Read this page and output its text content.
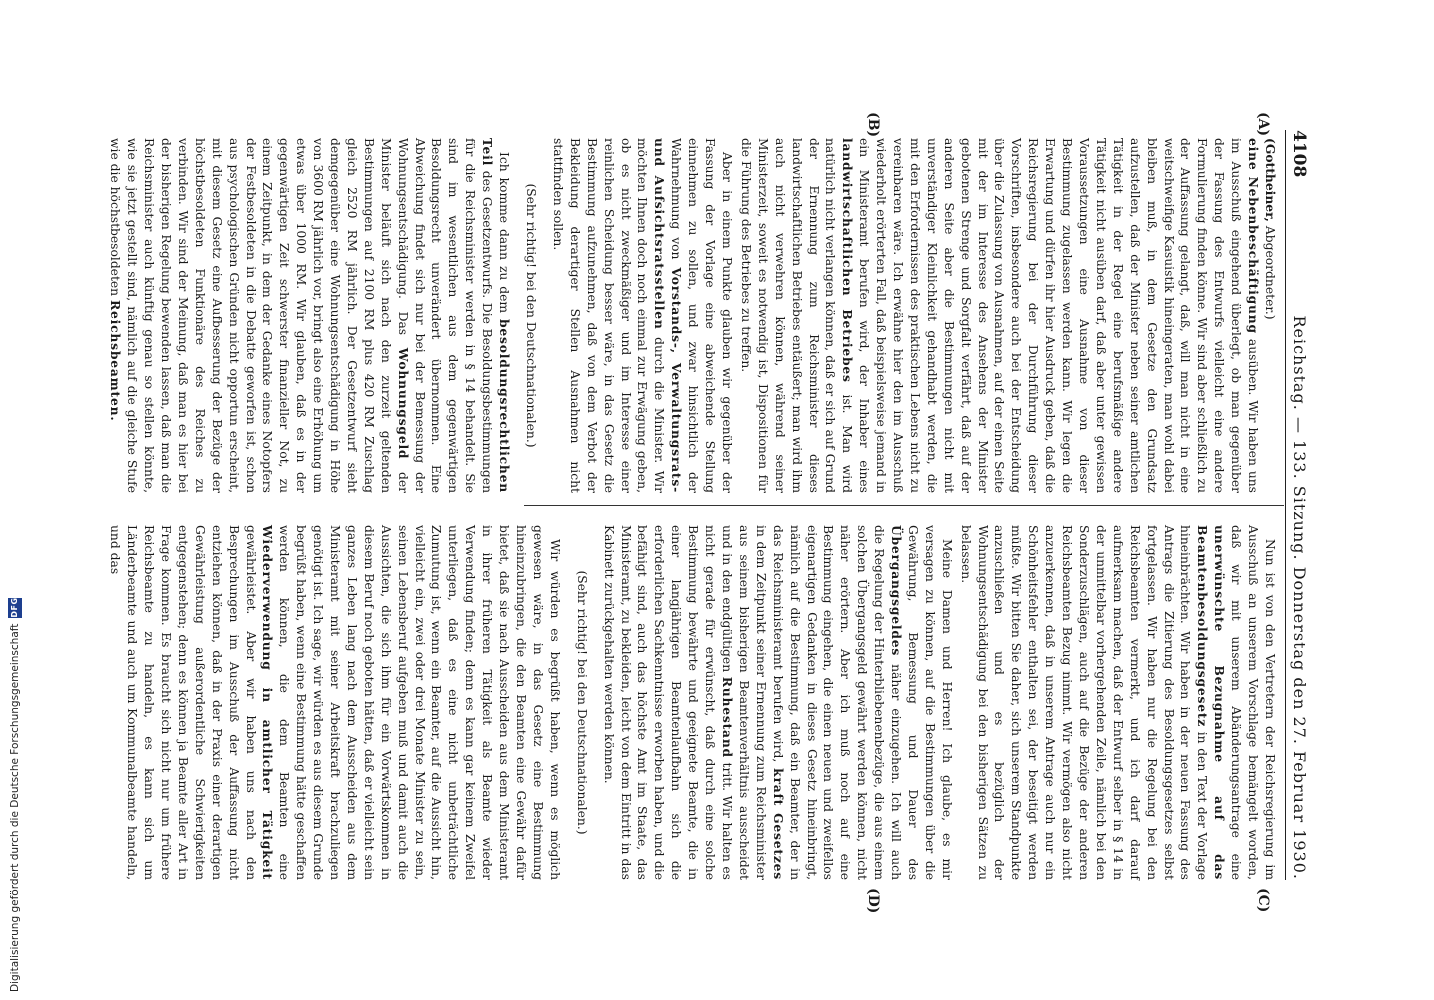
4108
Reichstag. — 133. Sitzung. Donnerstag den 27. Februar 1930.
(A)
(B)
(C)
(D)

(Gottheiner, Abgeordneter.)
eine Nebenbeschäftigung ausüben. Wir haben uns im Ausschuß eingehend überlegt, ob man gegenüber der Fassung des Entwurfs vielleicht eine andere Formulierung finden könne. Wir sind aber schließlich zu der Auffassung gelangt, daß, will man nicht in eine weitschweifige Kasuistik hineingeraten, man wohl dabei bleiben muß, in dem Gesetze den Grundsatz aufzustellen, daß der Minister neben seiner amtlichen Tätigkeit in der Regel eine berufsmäßige andere Tätigkeit nicht ausüben darf, daß aber unter gewissen Voraussetzungen eine Ausnahme von dieser Bestimmung zugelassen werden kann. Wir legen die Erwartung und dürfen ihr hier Ausdruck geben, daß die Reichsregierung bei der Durchführung dieser Vorschriften, insbesondere auch bei der Entscheidung über die Zulassung von Ausnahmen, auf der einen Seite mit der im Interesse des Ansehens der Minister gebotenen Strenge und Sorgfalt verfährt, daß auf der anderen Seite aber die Bestimmungen nicht mit unverständiger Kleinlichkeit gehandhabt werden, die mit den Erfordernissen des praktischen Lebens nicht zu vereinbaren wäre. Ich erwähne hier den im Ausschuß wiederholt erörterten Fall, daß beispielsweise jemand in ein Ministeramt berufen wird, der Inhaber eines landwirtschaftlichen Betriebes ist. Man wird natürlich nicht verlangen können, daß er sich auf Grund der Ernennung zum Reichsminister dieses landwirtschaftlichen Betriebes entäußert; man wird ihm auch nicht verwehren können, während seiner Ministerzeit, soweit es notwendig ist, Dispositionen für die Führung des Betriebes zu treffen.

Aber in einem Punkte glauben wir gegenüber der Fassung der Vorlage eine abweichende Stellung einnehmen zu sollen, und zwar hinsichtlich der Wahrnehmung von Vorstands-, Verwaltungsrats- und Aufsichtsratsstellen durch die Minister. Wir möchten Ihnen doch noch einmal zur Erwägung geben, ob es nicht zweckmäßiger und im Interesse einer reinlichen Scheidung besser wäre, in das Gesetz die Bestimmung aufzunehmen, daß von dem Verbot der Bekleidung derartiger Stellen Ausnahmen nicht stattfinden sollen.

(Sehr richtig! bei den Deutschnationalen.)

Ich komme dann zu dem besoldungsrechtlichen Teil des Gesetzentwurfs. Die Besoldungsbestimmungen für die Reichsminister werden in § 14 behandelt. Sie sind im wesentlichen aus dem gegenwärtigen Besoldungsrecht unverändert übernommen. Eine Abweichung findet sich nur bei der Bemessung der Wohnungsentschädigung. Das Wohnungsgeld der Minister beläuft sich nach den zurzeit geltenden Bestimmungen auf 2100 RM plus 420 RM Zuschlag gleich 2520 RM jährlich. Der Gesetzentwurf sieht demgegenüber eine Wohnungsentschädigung in Höhe von 3600 RM jährlich vor, bringt also eine Erhöhung um etwas über 1000 RM. Wir glauben, daß es in der gegenwärtigen Zeit schwerster finanzieller Not, zu einem Zeitpunkt, in dem der Gedanke eines Notopfers der Festbesoldeten in die Debatte geworfen ist, schon aus psychologischen Gründen nicht opportun erscheint, mit diesem Gesetz eine Aufbesserung der Bezüge der höchstbesoldeten Funktionäre des Reiches zu verbinden. Wir sind der Meinung, daß man es hier bei der bisherigen Regelung bewenden lassen, daß man die Reichsminister auch künftig genau so stellen könnte, wie sie jetzt gestellt sind, nämlich auf die gleiche Stufe wie die höchstbesoldeten Reichsbeamten.

Nun ist von den Vertretern der Reichsregierung im Ausschuß an unserem Vorschlage bemängelt worden, daß wir mit unserem Abänderungsantrage eine unerwünschte Bezugnahme auf das Beamtenbesoldungsgesetz in den Text der Vorlage hineinbrächten. Wir haben in der neuen Fassung des Antrags die Zitierung des Besoldungsgesetzes selbst fortgelassen. Wir haben nur die Regelung bei den Reichsbeamten vermerkt, und ich darf darauf aufmerksam machen, daß der Entwurf selber in § 14 in der unmittelbar vorhergehenden Zeile, nämlich bei den Sonderzuschlägen, auch auf die Bezüge der anderen Reichsbeamten Bezug nimmt. Wir vermögen also nicht anzuerkennen, daß in unserem Antrage auch nur ein Schönheitsfehler enthalten sei, der beseitigt werden müßte. Wir bitten Sie daher, sich unserem Standpunkte anzuschließen und es bezüglich der Wohnungsentschädigung bei den bisherigen Sätzen zu belassen.

Meine Damen und Herren! Ich glaube, es mir versagen zu können, auf die Bestimmungen über die Gewährung, Bemessung und Dauer des Übergangsgeldes näher einzugehen. Ich will auch die Regelung der Hinterbliebenenbezüge, die aus einem solchen Übergangsgeld gewährt werden können, nicht näher erörtern. Aber ich muß noch auf eine Bestimmung eingehen, die einen neuen und zweifellos eigenartigen Gedanken in dieses Gesetz hineinbringt, nämlich auf die Bestimmung, daß ein Beamter, der in das Reichsministeramt berufen wird, kraft Gesetzes in dem Zeitpunkt seiner Ernennung zum Reichsminister aus seinem bisherigen Beamtenverhältnis ausscheidet und in den endgültigen Ruhestand tritt. Wir halten es nicht gerade für erwünscht, daß durch eine solche Bestimmung bewährte und geeignete Beamte, die in einer langjährigen Beamtenlaufbahn sich die erforderlichen Sachkenntnisse erworben haben, und die befähigt sind, auch das höchste Amt im Staate, das Ministeramt, zu bekleiden, leicht von dem Eintritt in das Kabinett zurückgehalten werden können.

(Sehr richtig! bei den Deutschnationalen.)

Wir würden es begrüßt haben, wenn es möglich gewesen wäre, in das Gesetz eine Bestimmung hineinzubringen, die den Beamten eine Gewähr dafür bietet, daß sie nach Ausscheiden aus dem Ministeramt in ihrer früheren Tätigkeit als Beamte wieder Verwendung finden; denn es kann gar keinem Zweifel unterliegen, daß es eine nicht unbeträchtliche Zumutung ist, wenn ein Beamter, auf die Aussicht hin, vielleicht ein, zwei oder drei Monate Minister zu sein, seinen Lebensberuf aufgeben muß und damit auch die Aussichten, die sich ihm für ein Vorwärtskommen in diesem Beruf noch geboten hätten, daß er vielleicht sein ganzes Leben lang nach dem Ausscheiden aus dem Ministeramt mit seiner Arbeitskraft brachzuliegen genötigt ist. Ich sage, wir würden es aus diesem Grunde begrüßt haben, wenn eine Bestimmung hätte geschaffen werden können, die dem Beamten eine Wiederverwendung in amtlicher Tätigkeit gewährleistet. Aber wir haben uns nach den Besprechungen im Ausschuß der Auffassung nicht entziehen können, daß in der Praxis einer derartigen Gewährleistung außerordentliche Schwierigkeiten entgegenstehen; denn es können ja Beamte aller Art in Frage kommen. Es braucht sich nicht nur um frühere Reichsbeamte zu handeln, es kann sich um Länderbeamte und auch um Kommunalbeamte handeln, und das

Digitalisierung gefördert durch die Deutsche Forschungsgemeinschaft
DFG
